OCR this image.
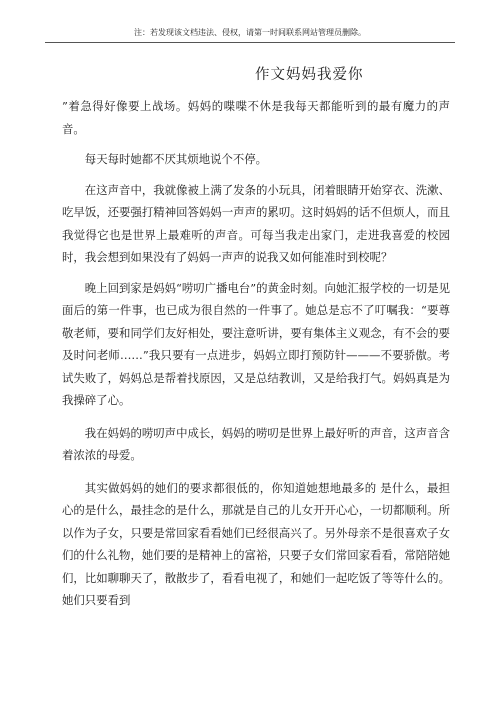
注：若发现该文档违法、侵权，请第一时间联系网站管理员删除。
作文妈妈我爱你

”着急得好像要上战场。妈妈的喋喋不休是我每天都能听到的最有魔力的声音。

每天每时她都不厌其烦地说个不停。

在这声音中，我就像被上满了发条的小玩具，闭着眼睛开始穿衣、洗漱、吃早饭，还要强打精神回答妈妈一声声的累叨。这时妈妈的话不但烦人，而且我觉得它也是世界上最难听的声音。可每当我走出家门，走进我喜爱的校园时，我会想到如果没有了妈妈一声声的说我又如何能准时到校呢？

晚上回到家是妈妈“唠叨广播电台”的黄金时刻。向她汇报学校的一切是见面后的第一件事，也已成为很自然的一件事了。她总是忘不了叮嘱我：“要尊敬老师，要和同学们友好相处，要注意听讲，要有集体主义观念，有不会的要及时问老师……”我只要有一点进步，妈妈立即打预防针———不要骄傲。考试失败了，妈妈总是帮着找原因，又是总结教训，又是给我打气。妈妈真是为我操碎了心。

我在妈妈的唠叨声中成长，妈妈的唠叨是世界上最好听的声音，这声音含着浓浓的母爱。

其实做妈妈的她们的要求都很低的，你知道她想地最多的 是什么，最担心的是什么，最挂念的是什么，那就是自己的儿女开开心心，一切都顺利。所以作为子女，只要是常回家看看她们已经很高兴了。另外母亲不是很喜欢子女们的什么礼物，她们要的是精神上的富裕，只要子女们常回家看看，常陪陪她们，比如聊聊天了，散散步了，看看电视了，和她们一起吃饭了等等什么的。她们只要看到
